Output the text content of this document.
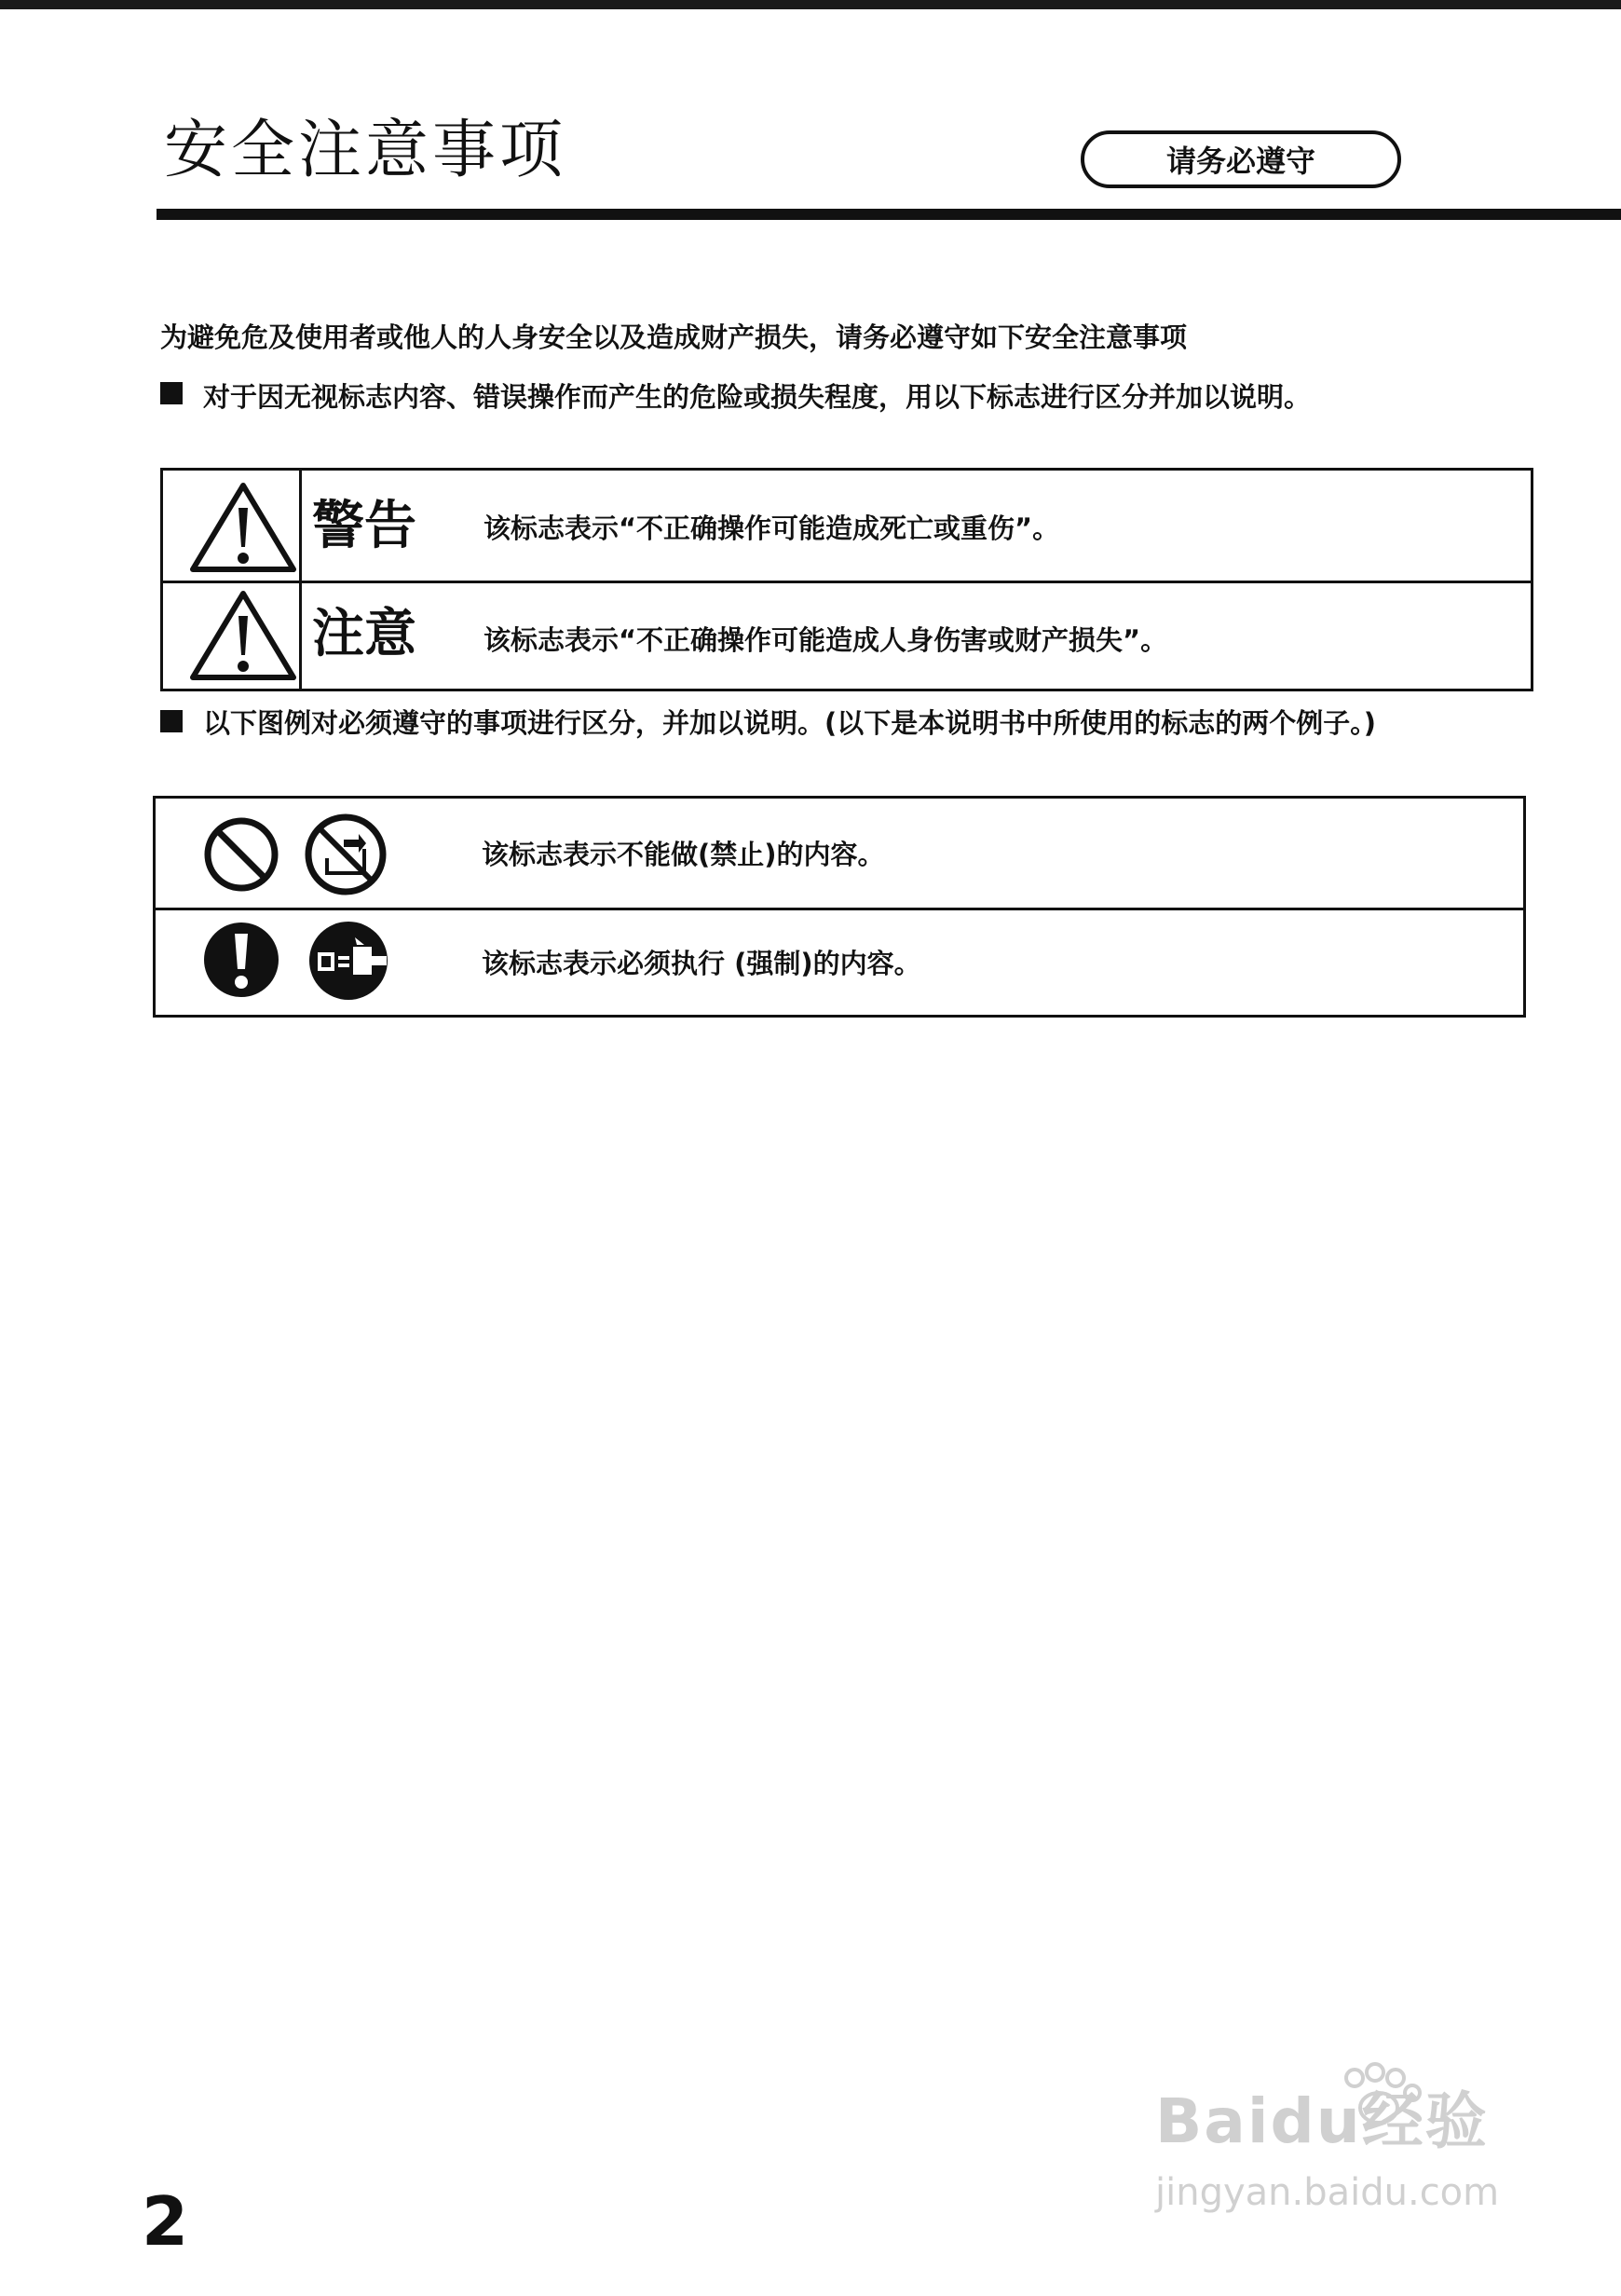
安全注意事项	请务必遵守
为避免危及使用者或他人的人身安全以及造成财产损失，请务必遵守如下安全注意事项
对于因无视标志内容、错误操作而产生的危险或损失程度，用以下标志进行区分并加以说明。
警告 该标志表示“不正确操作可能造成死亡或重伤”。
注意 该标志表示“不正确操作可能造成人身伤害或财产损失”。
以下图例对必须遵守的事项进行区分，并加以说明。(以下是本说明书中所使用的标志的两个例子。)
该标志表示不能做(禁止)的内容。
该标志表示必须执行 (强制)的内容。
2
Baidu经验
jingyan.baidu.com
